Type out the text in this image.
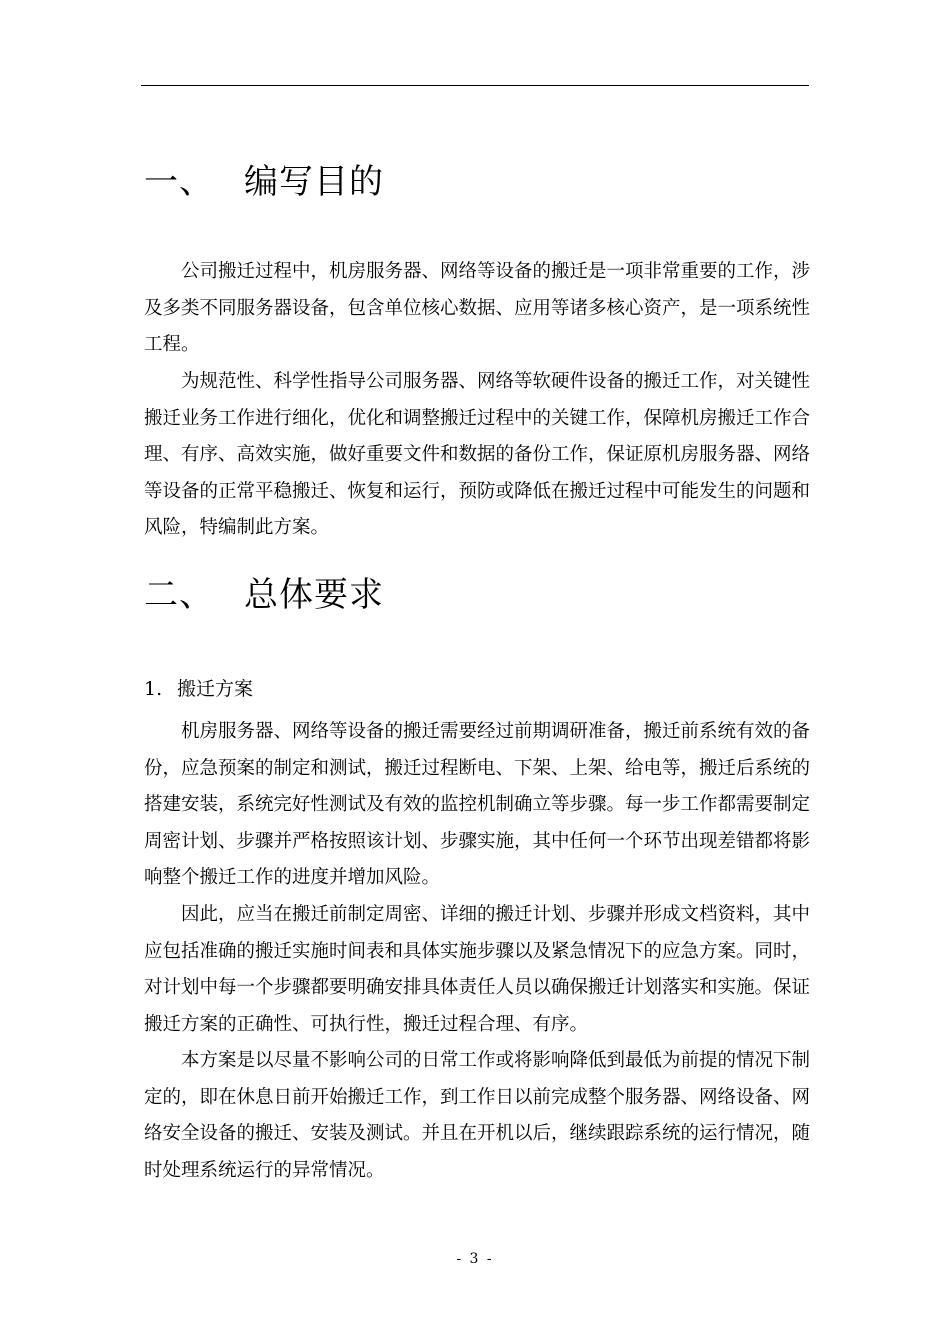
一、 编写目的

公司搬迁过程中，机房服务器、网络等设备的搬迁是一项非常重要的工作，涉及多类不同服务器设备，包含单位核心数据、应用等诸多核心资产，是一项系统性工程。

为规范性、科学性指导公司服务器、网络等软硬件设备的搬迁工作，对关键性搬迁业务工作进行细化，优化和调整搬迁过程中的关键工作，保障机房搬迁工作合理、有序、高效实施，做好重要文件和数据的备份工作，保证原机房服务器、网络等设备的正常平稳搬迁、恢复和运行，预防或降低在搬迁过程中可能发生的问题和风险，特编制此方案。

二、 总体要求
1. 搬迁方案

机房服务器、网络等设备的搬迁需要经过前期调研准备，搬迁前系统有效的备份，应急预案的制定和测试，搬迁过程断电、下架、上架、给电等，搬迁后系统的搭建安装，系统完好性测试及有效的监控机制确立等步骤。每一步工作都需要制定周密计划、步骤并严格按照该计划、步骤实施，其中任何一个环节出现差错都将影响整个搬迁工作的进度并增加风险。

因此，应当在搬迁前制定周密、详细的搬迁计划、步骤并形成文档资料，其中应包括准确的搬迁实施时间表和具体实施步骤以及紧急情况下的应急方案。同时，对计划中每一个步骤都要明确安排具体责任人员以确保搬迁计划落实和实施。保证搬迁方案的正确性、可执行性，搬迁过程合理、有序。

本方案是以尽量不影响公司的日常工作或将影响降低到最低为前提的情况下制定的，即在休息日前开始搬迁工作，到工作日以前完成整个服务器、网络设备、网络安全设备的搬迁、安装及测试。并且在开机以后，继续跟踪系统的运行情况，随时处理系统运行的异常情况。

- 3 -
